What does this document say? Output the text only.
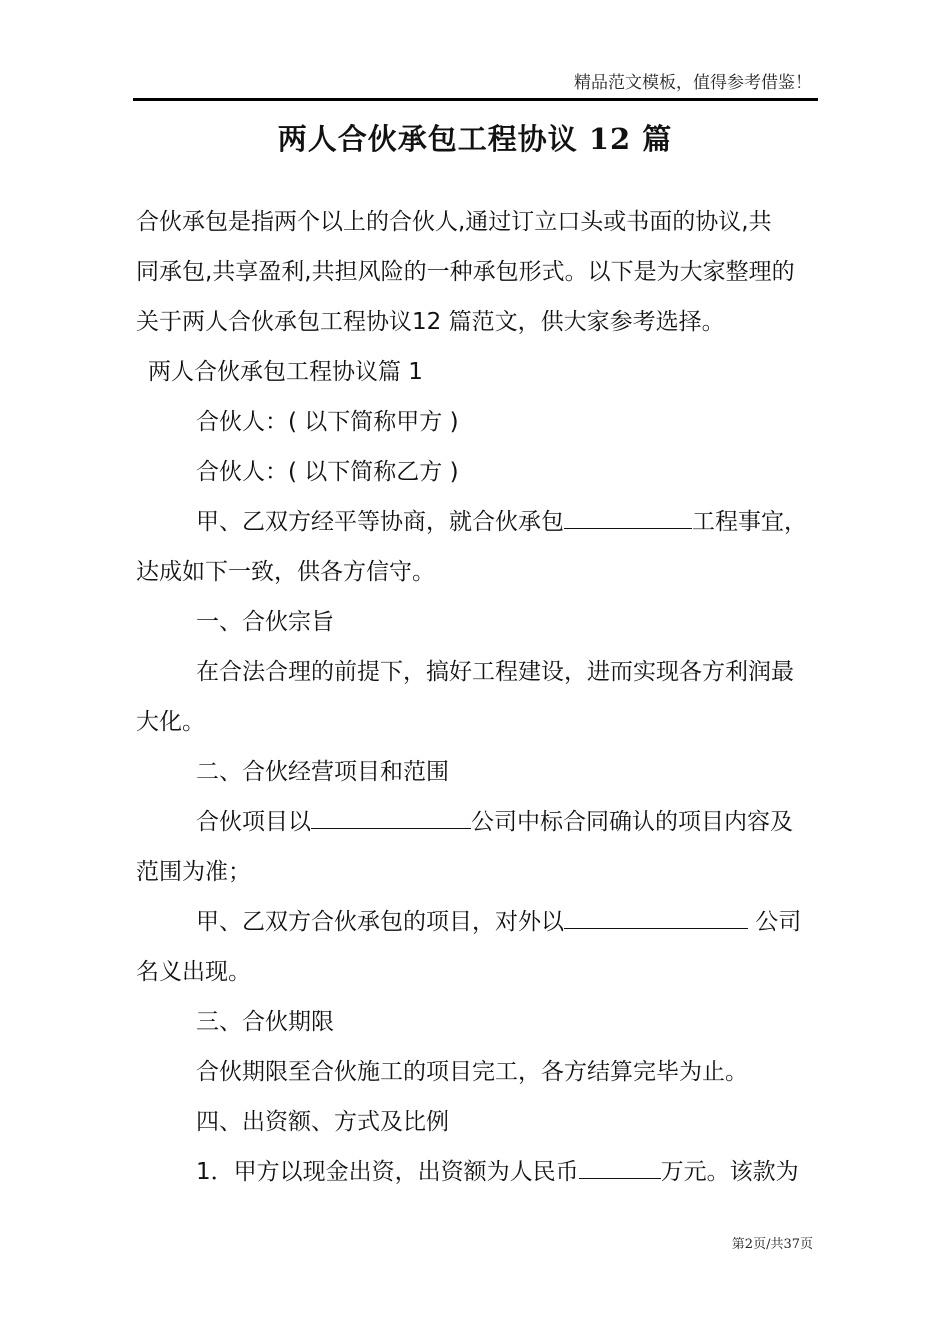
精品范文模板，值得参考借鉴！
两人合伙承包工程协议 12 篇
合伙承包是指两个以上的合伙人,通过订立口头或书面的协议,共
同承包,共享盈利,共担风险的一种承包形式。以下是为大家整理的
关于两人合伙承包工程协议12 篇范文，供大家参考选择。
两人合伙承包工程协议篇 1
合伙人：( 以下简称甲方 )
合伙人：( 以下简称乙方 )
甲、乙双方经平等协商，就合伙承包	工程事宜，
达成如下一致，供各方信守。
一、合伙宗旨
在合法合理的前提下，搞好工程建设，进而实现各方利润最
大化。
二、合伙经营项目和范围
合伙项目以	公司中标合同确认的项目内容及
范围为准；
甲、乙双方合伙承包的项目，对外以	公司
名义出现。
三、合伙期限
合伙期限至合伙施工的项目完工，各方结算完毕为止。
四、出资额、方式及比例
1．甲方以现金出资，出资额为人民币	万元。该款为
第2页/共37页
